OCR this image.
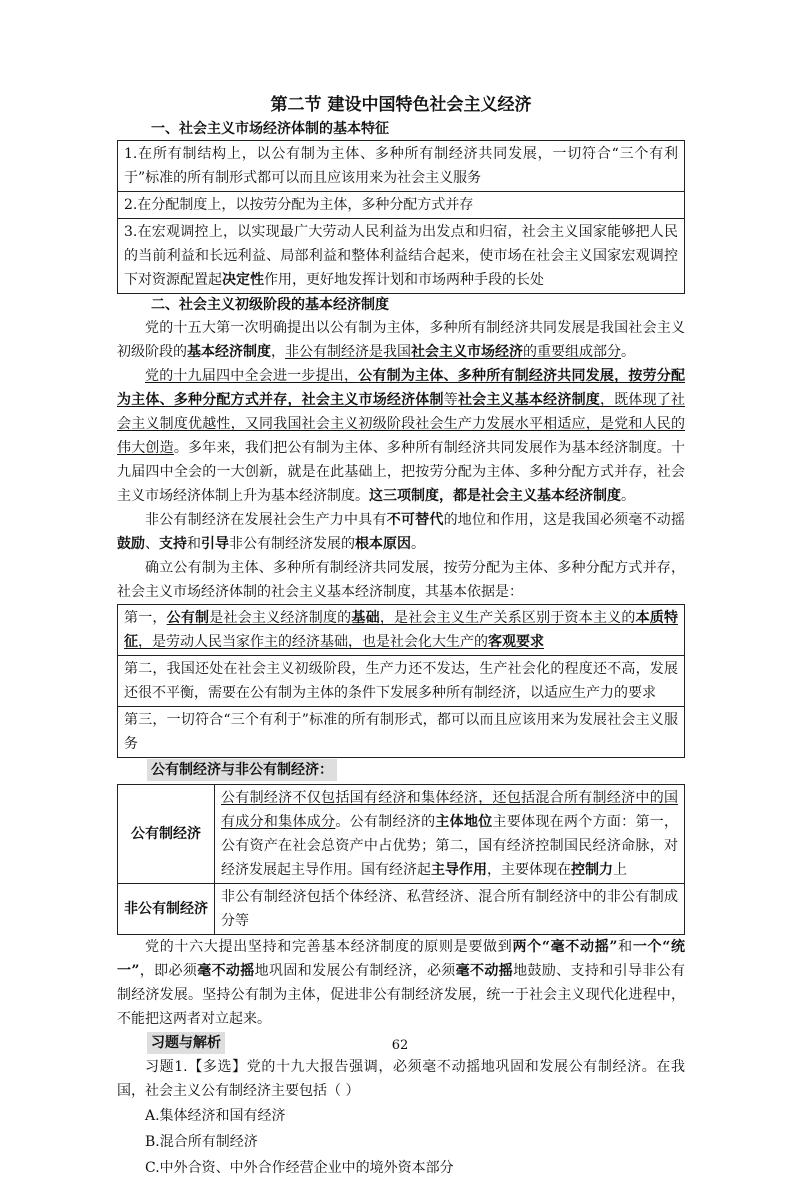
第二节 建设中国特色社会主义经济
一、社会主义市场经济体制的基本特征
1.在所有制结构上，以公有制为主体、多种所有制经济共同发展，一切符合“三个有利于”标准的所有制形式都可以而且应该用来为社会主义服务
2.在分配制度上，以按劳分配为主体，多种分配方式并存
3.在宏观调控上，以实现最广大劳动人民利益为出发点和归宿，社会主义国家能够把人民的当前利益和长远利益、局部利益和整体利益结合起来，使市场在社会主义国家宏观调控下对资源配置起决定性作用，更好地发挥计划和市场两种手段的长处
二、社会主义初级阶段的基本经济制度

党的十五大第一次明确提出以公有制为主体，多种所有制经济共同发展是我国社会主义初级阶段的基本经济制度，非公有制经济是我国社会主义市场经济的重要组成部分。

党的十九届四中全会进一步提出，公有制为主体、多种所有制经济共同发展，按劳分配为主体、多种分配方式并存，社会主义市场经济体制等社会主义基本经济制度，既体现了社会主义制度优越性，又同我国社会主义初级阶段社会生产力发展水平相适应，是党和人民的伟大创造。多年来，我们把公有制为主体、多种所有制经济共同发展作为基本经济制度。十九届四中全会的一大创新，就是在此基础上，把按劳分配为主体、多种分配方式并存，社会主义市场经济体制上升为基本经济制度。这三项制度，都是社会主义基本经济制度。

非公有制经济在发展社会生产力中具有不可替代的地位和作用，这是我国必须毫不动摇鼓励、支持和引导非公有制经济发展的根本原因。

确立公有制为主体、多种所有制经济共同发展，按劳分配为主体、多种分配方式并存，社会主义市场经济体制的社会主义基本经济制度，其基本依据是：

第一，公有制是社会主义经济制度的基础，是社会主义生产关系区别于资本主义的本质特征，是劳动人民当家作主的经济基础，也是社会化大生产的客观要求
第二，我国还处在社会主义初级阶段，生产力还不发达，生产社会化的程度还不高，发展还很不平衡，需要在公有制为主体的条件下发展多种所有制经济，以适应生产力的要求
第三，一切符合“三个有利于”标准的所有制形式，都可以而且应该用来为发展社会主义服务
公有制经济与非公有制经济：
公有制经济	公有制经济不仅包括国有经济和集体经济，还包括混合所有制经济中的国有成分和集体成分。公有制经济的主体地位主要体现在两个方面：第一，公有资产在社会总资产中占优势；第二，国有经济控制国民经济命脉，对经济发展起主导作用。国有经济起主导作用，主要体现在控制力上
非公有制经济	非公有制经济包括个体经济、私营经济、混合所有制经济中的非公有制成分等

党的十六大提出坚持和完善基本经济制度的原则是要做到两个“毫不动摇”和一个“统一”，即必须毫不动摇地巩固和发展公有制经济，必须毫不动摇地鼓励、支持和引导非公有制经济发展。坚持公有制为主体，促进非公有制经济发展，统一于社会主义现代化进程中，不能把这两者对立起来。

习题与解析

习题1.【多选】党的十九大报告强调，必须毫不动摇地巩固和发展公有制经济。在我国，社会主义公有制经济主要包括（ ）

A.集体经济和国有经济
B.混合所有制经济
C.中外合资、中外合作经营企业中的境外资本部分
62
